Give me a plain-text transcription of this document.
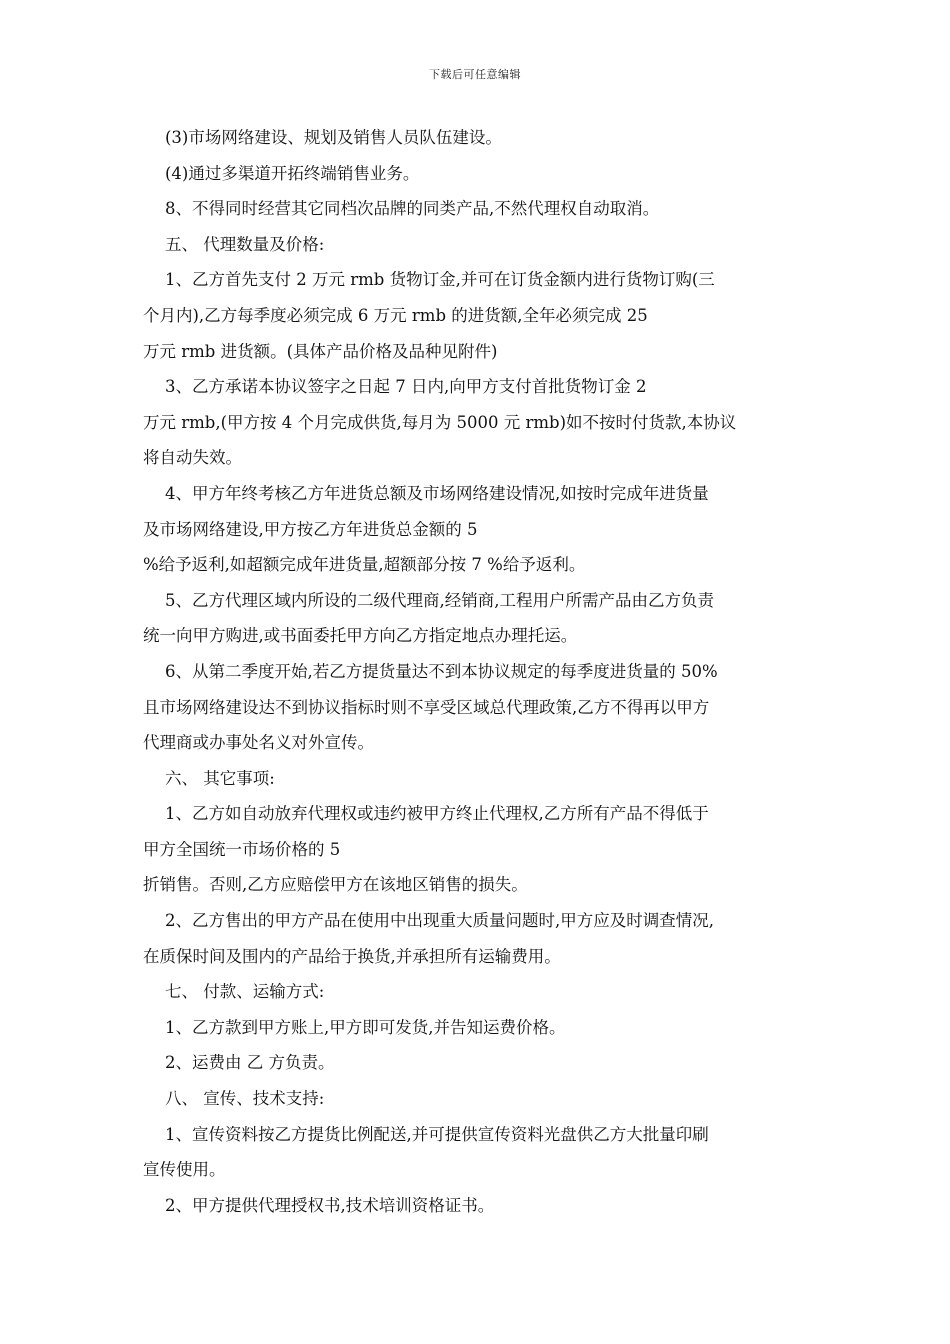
下载后可任意编辑
(3)市场网络建设、规划及销售人员队伍建设。
(4)通过多渠道开拓终端销售业务。
8、不得同时经营其它同档次品牌的同类产品,不然代理权自动取消。
五、 代理数量及价格:
1、乙方首先支付 2 万元 rmb 货物订金,并可在订货金额内进行货物订购(三
个月内),乙方每季度必须完成 6 万元 rmb 的进货额,全年必须完成 25
万元 rmb 进货额。(具体产品价格及品种见附件)
3、乙方承诺本协议签字之日起 7 日内,向甲方支付首批货物订金 2
万元 rmb,(甲方按 4 个月完成供货,每月为 5000 元 rmb)如不按时付货款,本协议
将自动失效。
4、甲方年终考核乙方年进货总额及市场网络建设情况,如按时完成年进货量
及市场网络建设,甲方按乙方年进货总金额的 5
%给予返利,如超额完成年进货量,超额部分按 7 %给予返利。
5、乙方代理区域内所设的二级代理商,经销商,工程用户所需产品由乙方负责
统一向甲方购进,或书面委托甲方向乙方指定地点办理托运。
6、从第二季度开始,若乙方提货量达不到本协议规定的每季度进货量的 50%
且市场网络建设达不到协议指标时则不享受区域总代理政策,乙方不得再以甲方
代理商或办事处名义对外宣传。
六、 其它事项:
1、乙方如自动放弃代理权或违约被甲方终止代理权,乙方所有产品不得低于
甲方全国统一市场价格的 5
折销售。否则,乙方应赔偿甲方在该地区销售的损失。
2、乙方售出的甲方产品在使用中出现重大质量问题时,甲方应及时调查情况,
在质保时间及围内的产品给于换货,并承担所有运输费用。
七、 付款、运输方式:
1、乙方款到甲方账上,甲方即可发货,并告知运费价格。
2、运费由 乙 方负责。
八、 宣传、技术支持:
1、宣传资料按乙方提货比例配送,并可提供宣传资料光盘供乙方大批量印刷
宣传使用。
2、甲方提供代理授权书,技术培训资格证书。
